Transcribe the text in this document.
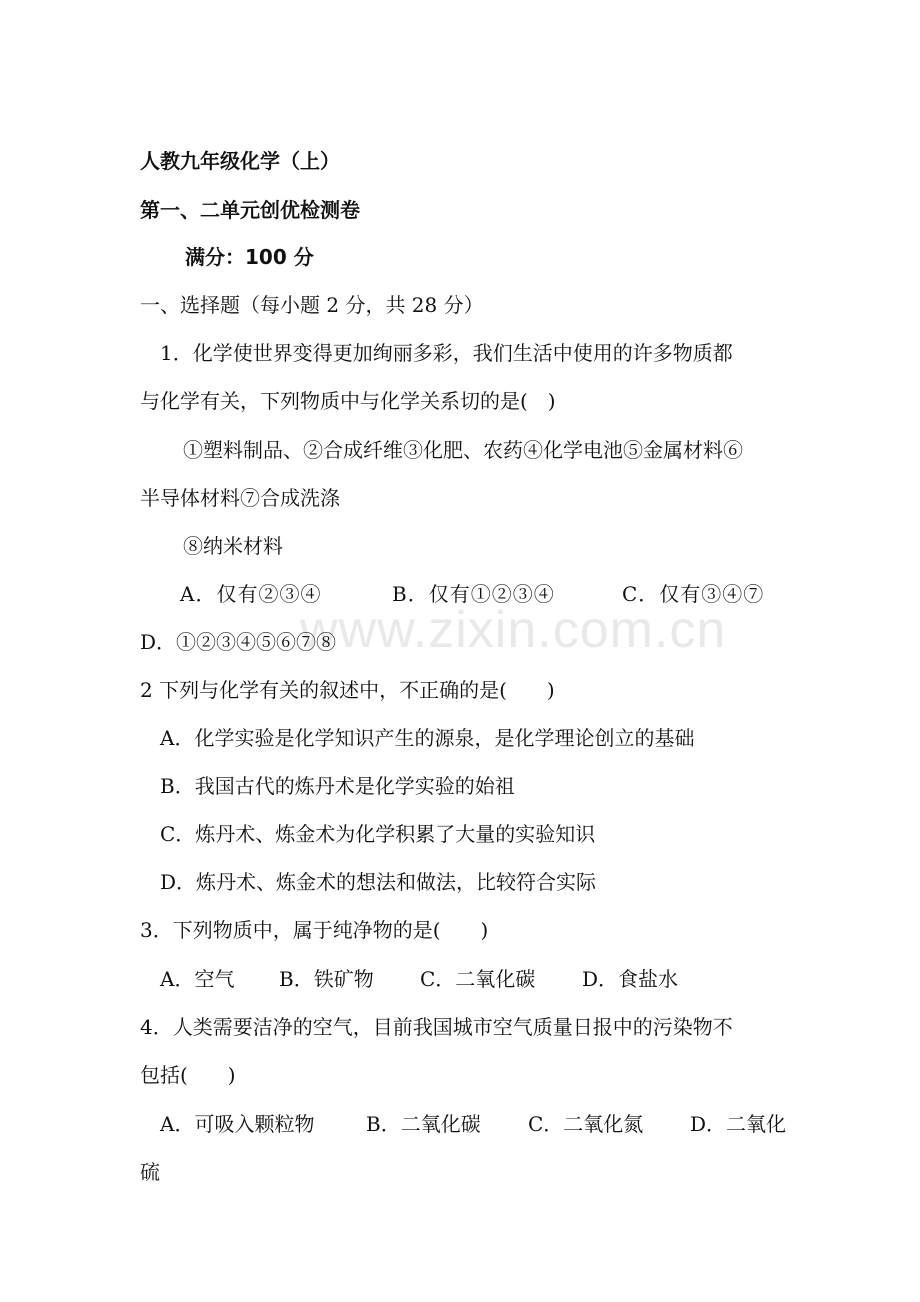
www.zixin.com.cn
人教九年级化学（上）
第一、二单元创优检测卷
满分：100 分
一、选择题（每小题 2 分，共 28 分）
1．化学使世界变得更加绚丽多彩，我们生活中使用的许多物质都
与化学有关，下列物质中与化学关系切的是(　)
①塑料制品、②合成纤维③化肥、农药④化学电池⑤金属材料⑥
半导体材料⑦合成洗涤
⑧纳米材料
A．仅有②③④	B．仅有①②③④	C．仅有③④⑦
D．①②③④⑤⑥⑦⑧
2 下列与化学有关的叙述中，不正确的是(　　)
A．化学实验是化学知识产生的源泉，是化学理论创立的基础
B．我国古代的炼丹术是化学实验的始祖
C．炼丹术、炼金术为化学积累了大量的实验知识
D．炼丹术、炼金术的想法和做法，比较符合实际
3．下列物质中，属于纯净物的是(　　)
A．空气 B．铁矿物 C．二氧化碳 D．食盐水
4．人类需要洁净的空气，目前我国城市空气质量日报中的污染物不
包括(　　)
A．可吸入颗粒物	B．二氧化碳 C．二氧化氮 D．二氧化
硫
